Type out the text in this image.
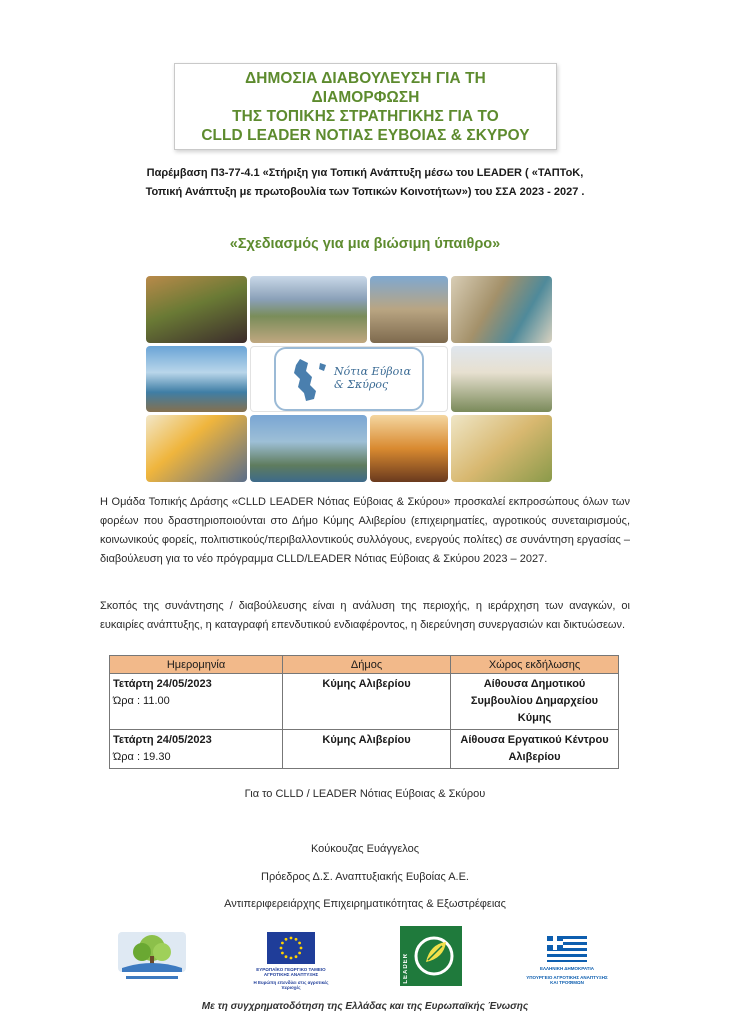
ΔΗΜΟΣΙΑ ΔΙΑΒΟΥΛΕΥΣΗ ΓΙΑ ΤΗ
ΔΙΑΜΟΡΦΩΣΗ
ΤΗΣ ΤΟΠΙΚΗΣ ΣΤΡΑΤΗΓΙΚΗΣ ΓΙΑ ΤΟ
CLLD LEADER ΝΟΤΙΑΣ ΕΥΒΟΙΑΣ & ΣΚΥΡΟΥ
Παρέμβαση Π3-77-4.1 «Στήριξη για Τοπική Ανάπτυξη μέσω του LEADER ( «ΤΑΠΤοΚ,
Τοπική Ανάπτυξη με πρωτοβουλία των Τοπικών Κοινοτήτων») του ΣΣΑ 2023 - 2027 .
«Σχεδιασμός για μια βιώσιμη ύπαιθρο»
Νότια Εύβοια
& Σκύρος
Η Ομάδα Τοπικής Δράσης «CLLD LEADER Νότιας Εύβοιας & Σκύρου» προσκαλεί εκπροσώπους όλων των φορέων που δραστηριοποιούνται στο Δήμο Κύμης Αλιβερίου (επιχειρηματίες, αγροτικούς συνεταιρισμούς, κοινωνικούς φορείς, πολιτιστικούς/περιβαλλοντικούς συλλόγους, ενεργούς πολίτες) σε συνάντηση εργασίας – διαβούλευση για το νέο πρόγραμμα CLLD/LEADER Νότιας Εύβοιας & Σκύρου 2023 – 2027.
Σκοπός της συνάντησης / διαβούλευσης είναι η ανάλυση της περιοχής, η ιεράρχηση των αναγκών, οι ευκαιρίες ανάπτυξης, η καταγραφή επενδυτικού ενδιαφέροντος, η διερεύνηση συνεργασιών και δικτυώσεων.
Ημερομηνία	Δήμος	Χώρος εκδήλωσης

Τετάρτη 24/05/2023
Ώρα : 11.00	Κύμης Αλιβερίου	Αίθουσα Δημοτικού Συμβουλίου Δημαρχείου Κύμης

Τετάρτη 24/05/2023
Ώρα : 19.30	Κύμης Αλιβερίου	Αίθουσα Εργατικού Κέντρου Αλιβερίου
Για το CLLD / LEADER Νότιας Εύβοιας & Σκύρου
Κούκουζας Ευάγγελος
Πρόεδρος Δ.Σ. Αναπτυξιακής Ευβοίας Α.Ε.
Αντιπεριφερειάρχης Επιχειρηματικότητας & Εξωστρέφειας
ΕΥΡΩΠΑΪΚΟ ΓΕΩΡΓΙΚΟ ΤΑΜΕΙΟ ΑΓΡΟΤΙΚΗΣ ΑΝΑΠΤΥΞΗΣ
Η Ευρώπη επενδύει στις αγροτικές περιοχές
LEADER	ΕΛΛΗΝΙΚΗ ΔΗΜΟΚΡΑΤΙΑ
ΥΠΟΥΡΓΕΙΟ ΑΓΡΟΤΙΚΗΣ ΑΝΑΠΤΥΞΗΣ ΚΑΙ ΤΡΟΦΙΜΩΝ
Με τη συγχρηματοδότηση της Ελλάδας και της Ευρωπαϊκής Ένωσης
